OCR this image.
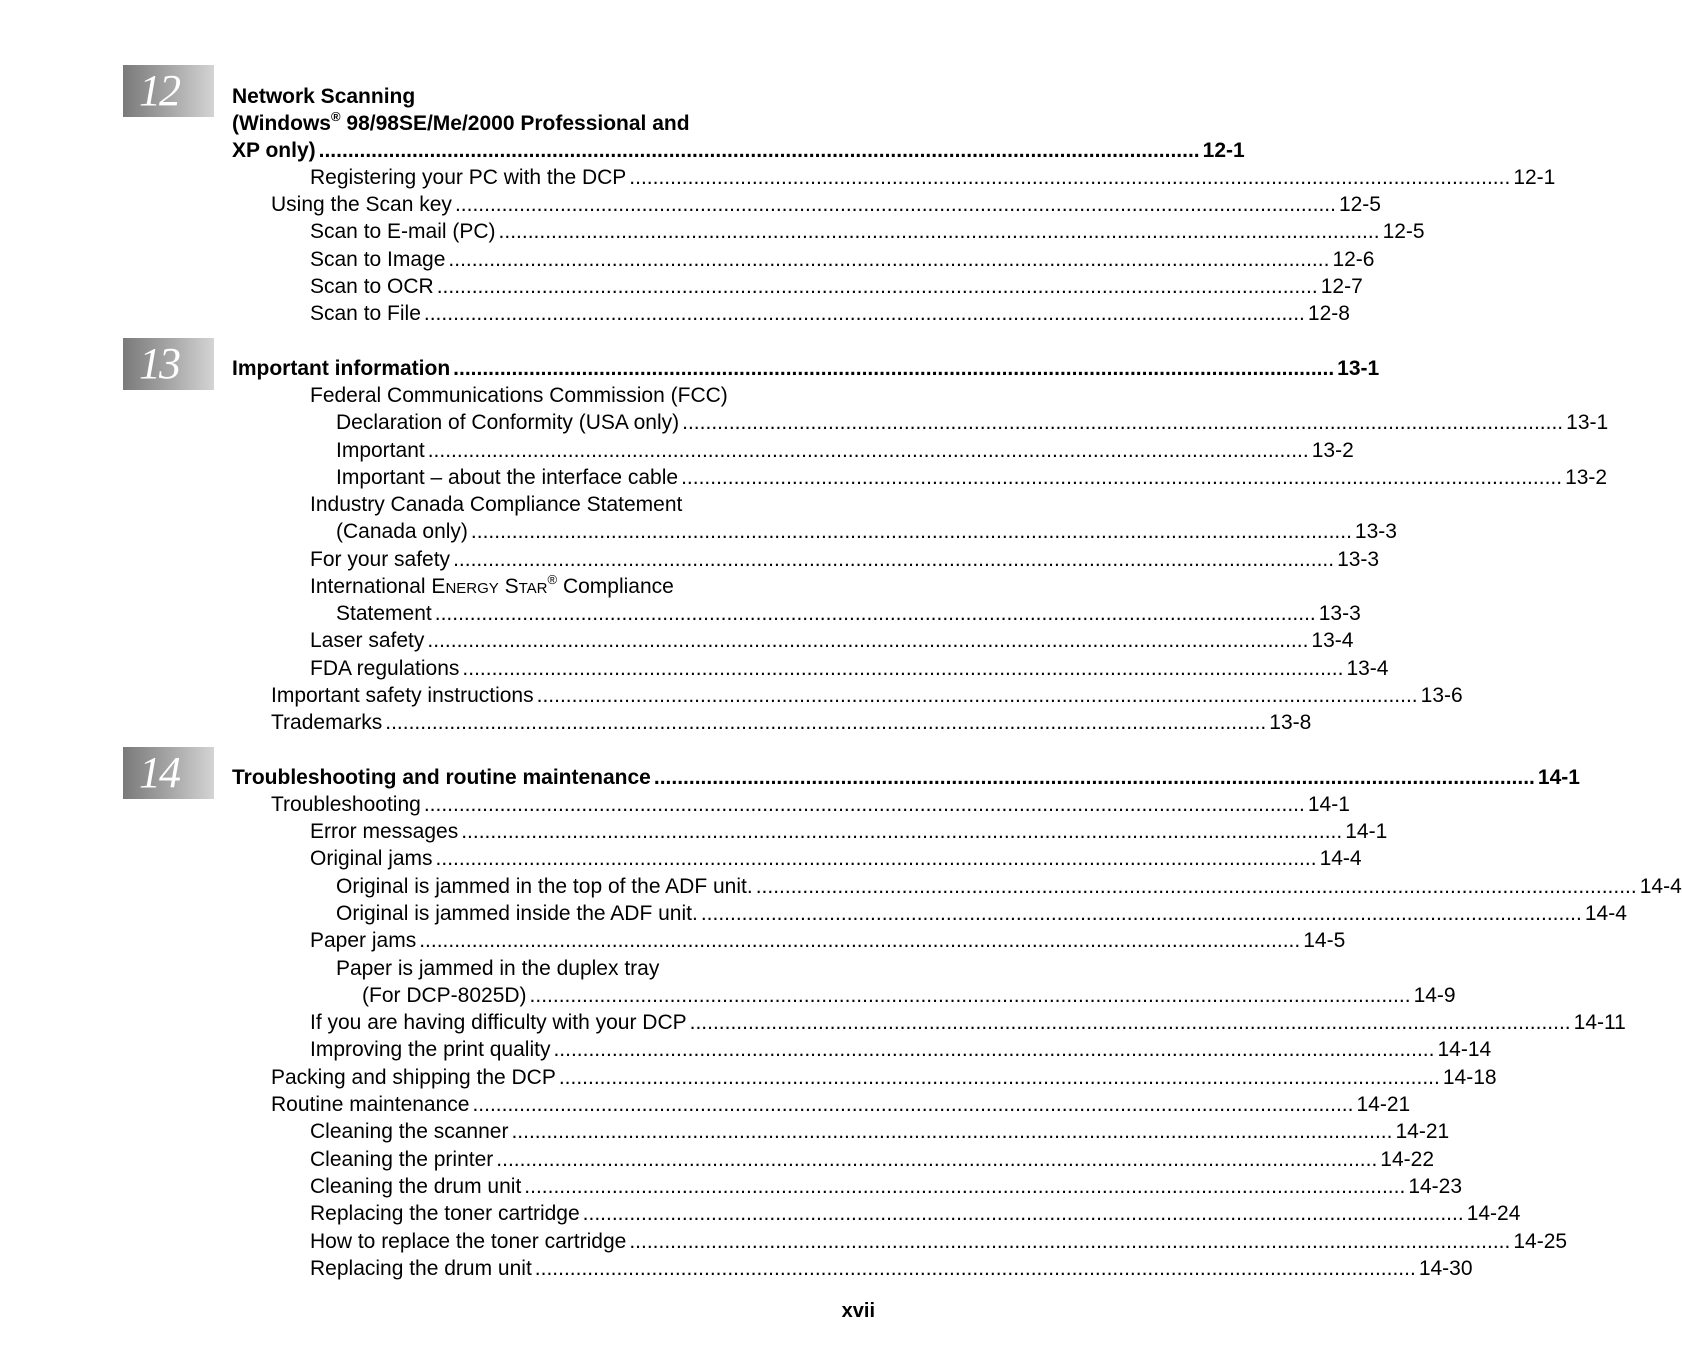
12
13
14
Network Scanning
(Windows® 98/98SE/Me/2000 Professional and
XP only) ....................................................................................................................................................... 12-1
Registering your PC with the DCP ....................................................................................................................................................... 12-1
Using the Scan key ....................................................................................................................................................... 12-5
Scan to E-mail (PC) ....................................................................................................................................................... 12-5
Scan to Image ....................................................................................................................................................... 12-6
Scan to OCR ....................................................................................................................................................... 12-7
Scan to File ....................................................................................................................................................... 12-8
Important information ....................................................................................................................................................... 13-1
Federal Communications Commission (FCC)
Declaration of Conformity (USA only) ....................................................................................................................................................... 13-1
Important ....................................................................................................................................................... 13-2
Important – about the interface cable ....................................................................................................................................................... 13-2
Industry Canada Compliance Statement
(Canada only) ....................................................................................................................................................... 13-3
For your safety ....................................................................................................................................................... 13-3
International ENERGY STAR® Compliance
Statement ....................................................................................................................................................... 13-3
Laser safety ....................................................................................................................................................... 13-4
FDA regulations ....................................................................................................................................................... 13-4
Important safety instructions ....................................................................................................................................................... 13-6
Trademarks ....................................................................................................................................................... 13-8
Troubleshooting and routine maintenance ....................................................................................................................................................... 14-1
Troubleshooting ....................................................................................................................................................... 14-1
Error messages ....................................................................................................................................................... 14-1
Original jams ....................................................................................................................................................... 14-4
Original is jammed in the top of the ADF unit. ....................................................................................................................................................... 14-4
Original is jammed inside the ADF unit. ....................................................................................................................................................... 14-4
Paper jams ....................................................................................................................................................... 14-5
Paper is jammed in the duplex tray
(For DCP-8025D) ....................................................................................................................................................... 14-9
If you are having difficulty with your DCP ....................................................................................................................................................... 14-11
Improving the print quality ....................................................................................................................................................... 14-14
Packing and shipping the DCP ....................................................................................................................................................... 14-18
Routine maintenance ....................................................................................................................................................... 14-21
Cleaning the scanner ....................................................................................................................................................... 14-21
Cleaning the printer ....................................................................................................................................................... 14-22
Cleaning the drum unit ....................................................................................................................................................... 14-23
Replacing the toner cartridge ....................................................................................................................................................... 14-24
How to replace the toner cartridge ....................................................................................................................................................... 14-25
Replacing the drum unit ....................................................................................................................................................... 14-30
xvii
